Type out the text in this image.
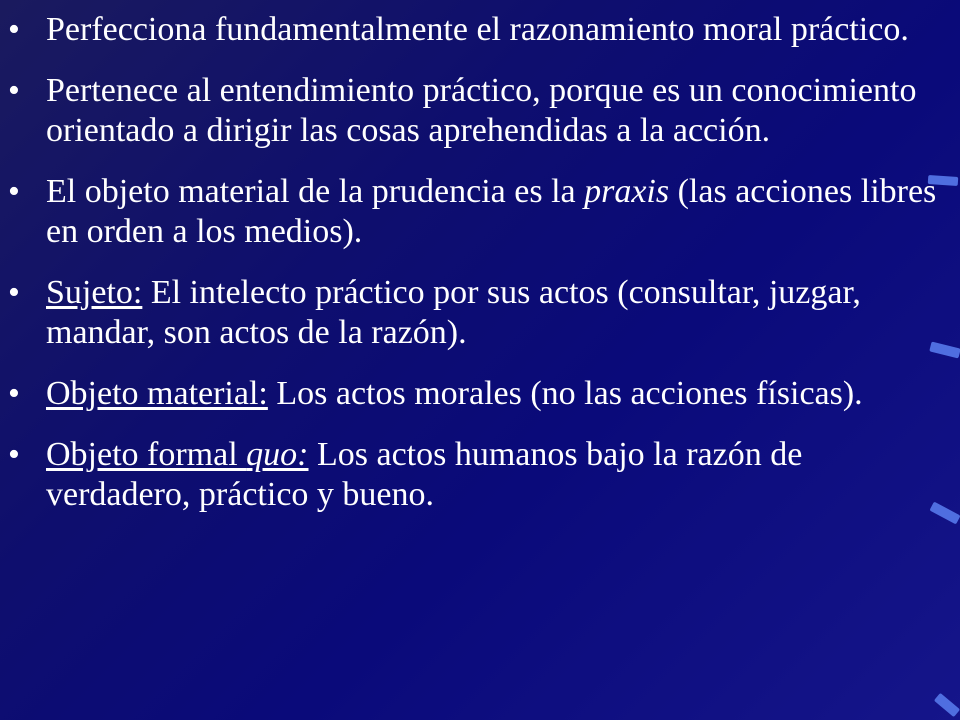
• Perfecciona fundamentalmente el razonamiento moral práctico.
• Pertenece al entendimiento práctico, porque es un conocimiento orientado a dirigir las cosas aprehendidas a la acción.
• El objeto material de la prudencia es la praxis (las acciones libres en orden a los medios).
• Sujeto: El intelecto práctico por sus actos (consultar, juzgar, mandar, son actos de la razón).
• Objeto material: Los actos morales (no las acciones físicas).
• Objeto formal quo: Los actos humanos bajo la razón de verdadero, práctico y bueno.
